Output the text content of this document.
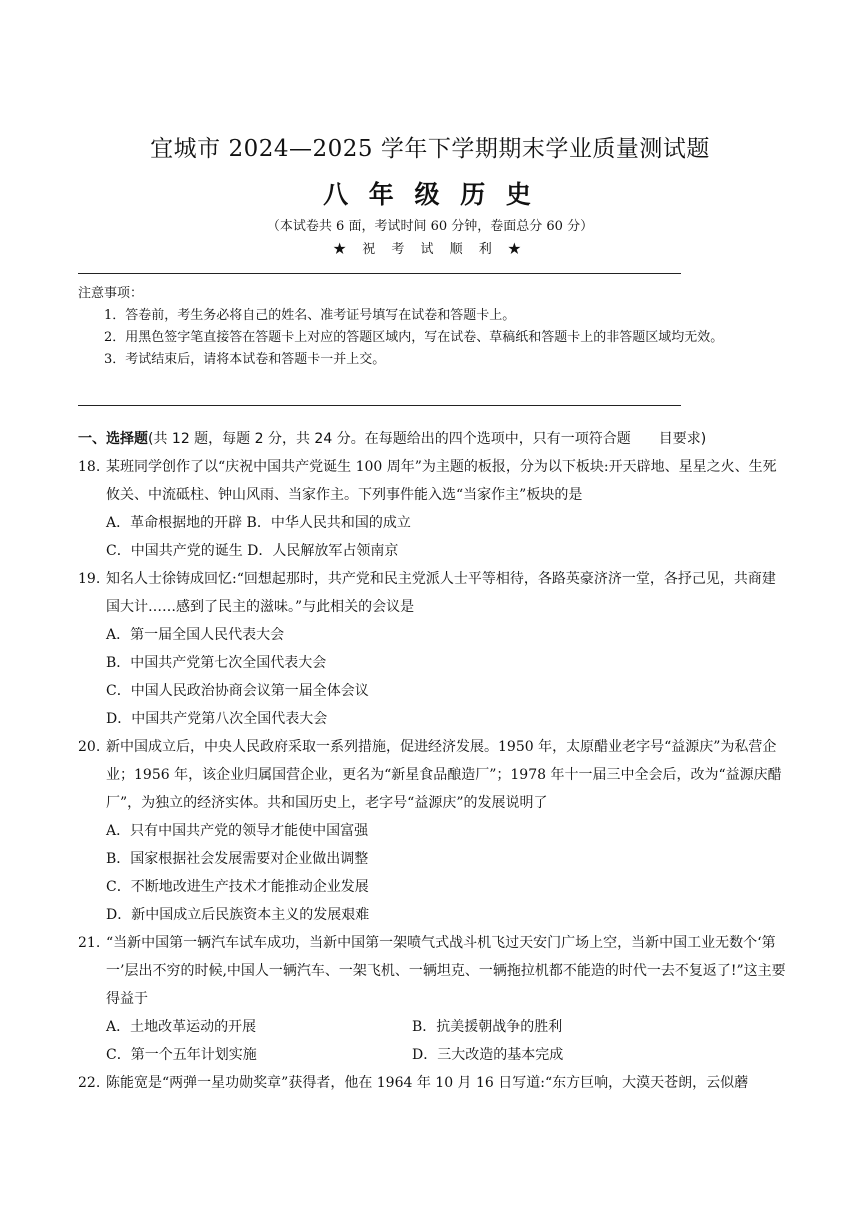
宜城市 2024—2025 学年下学期期末学业质量测试题
八 年 级 历 史
（本试卷共 6 面，考试时间 60 分钟，卷面总分 60 分）
★ 祝 考 试 顺 利 ★
注意事项：
1．答卷前，考生务必将自己的姓名、准考证号填写在试卷和答题卡上。
2．用黑色签字笔直接答在答题卡上对应的答题区域内，写在试卷、草稿纸和答题卡上的非答题区域均无效。
3．考试结束后，请将本试卷和答题卡一并上交。
一、选择题(共 12 题，每题 2 分，共 24 分。在每题给出的四个选项中，只有一项符合题　　目要求)
18. 某班同学创作了以“庆祝中国共产党诞生 100 周年”为主题的板报，分为以下板块:开天辟地、星星之火、生死攸关、中流砥柱、钟山风雨、当家作主。下列事件能入选“当家作主”板块的是
A．革命根据地的开辟 B．中华人民共和国的成立
C．中国共产党的诞生 D．人民解放军占领南京
19. 知名人士徐铸成回忆:“回想起那时，共产党和民主党派人士平等相待，各路英豪济济一堂，各抒己见，共商建国大计……感到了民主的滋味。”与此相关的会议是
A．第一届全国人民代表大会
B．中国共产党第七次全国代表大会
C．中国人民政治协商会议第一届全体会议
D．中国共产党第八次全国代表大会
20. 新中国成立后，中央人民政府采取一系列措施，促进经济发展。1950 年，太原醋业老字号“益源庆”为私营企业；1956 年，该企业归属国营企业，更名为“新星食品酿造厂”；1978 年十一届三中全会后，改为“益源庆醋厂”，为独立的经济实体。共和国历史上，老字号“益源庆”的发展说明了
A．只有中国共产党的领导才能使中国富强
B．国家根据社会发展需要对企业做出调整
C．不断地改进生产技术才能推动企业发展
D．新中国成立后民族资本主义的发展艰难
21. “当新中国第一辆汽车试车成功，当新中国第一架喷气式战斗机飞过天安门广场上空，当新中国工业无数个‘第一’层出不穷的时候,中国人一辆汽车、一架飞机、一辆坦克、一辆拖拉机都不能造的时代一去不复返了!”这主要得益于
A．土地改革运动的开展	B．抗美援朝战争的胜利
C．第一个五年计划实施	D．三大改造的基本完成
22. 陈能宽是“两弹一星功勋奖章”获得者，他在 1964 年 10 月 16 日写道:“东方巨响，大漠天苍朗，云似蘑
